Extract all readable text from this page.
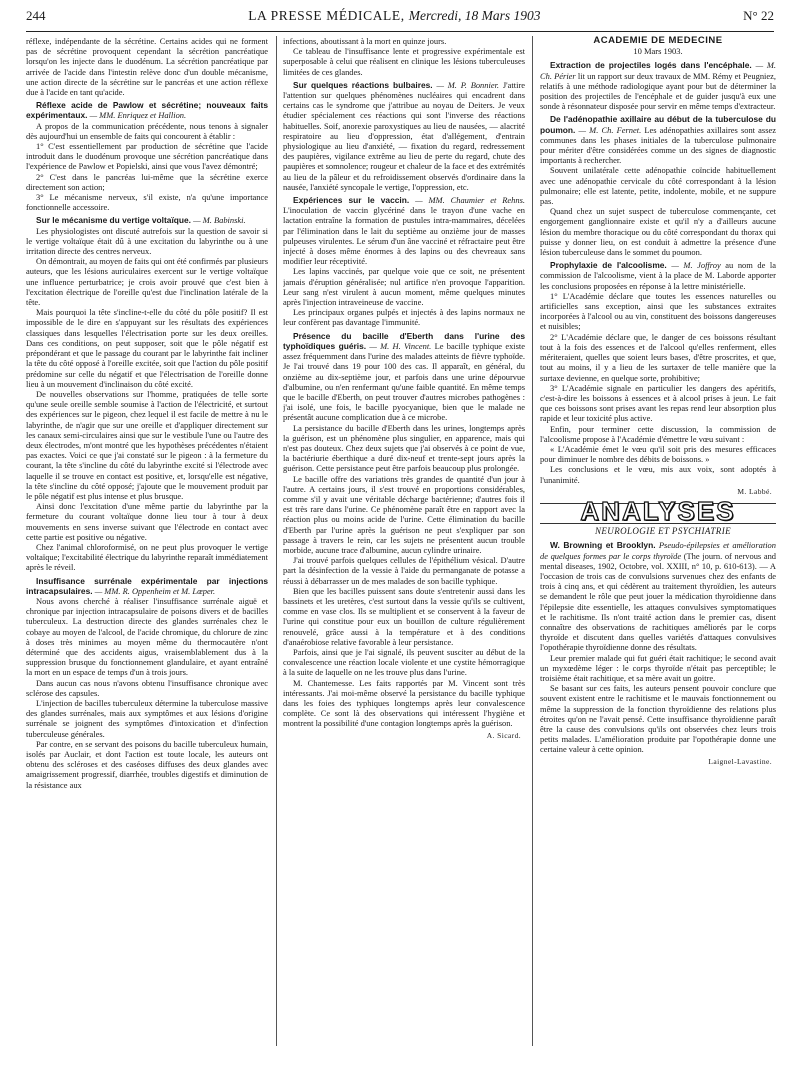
244	LA PRESSE MÉDICALE, Mercredi, 18 Mars 1903	N° 22

réflexe, indépendante de la sécrétine. Certains acides qui ne forment pas de sécrétine provoquent cependant la sécrétion pancréatique lorsqu'on les injecte dans le duodénum. La sécrétion pancréatique par arrivée de l'acide dans l'intestin relève donc d'un double mécanisme, une action directe de la sécrétine sur le pancréas et une action réflexe due à l'acide en tant qu'acide.

Réflexe acide de Pawlow et sécrétine; nouveaux faits expérimentaux. — MM. Enriquez et Hallion.

A propos de la communication précédente, nous tenons à signaler dès aujourd'hui un ensemble de faits qui concourent à établir :

1° C'est essentiellement par production de sécrétine que l'acide introduit dans le duodénum provoque une sécrétion pancréatique dans l'expérience de Pawlow et Popielski, ainsi que vous l'avez démontré;

2° C'est dans le pancréas lui-même que la sécrétine exerce directement son action;

3° Le mécanisme nerveux, s'il existe, n'a qu'une importance fonctionnelle accessoire.

Sur le mécanisme du vertige voltaïque. — M. Babinski.

Les physiologistes ont discuté autrefois sur la question de savoir si le vertige voltaïque était dû à une excitation du labyrinthe ou à une irritation directe des centres nerveux.

On démontrait, au moyen de faits qui ont été confirmés par plusieurs auteurs, que les lésions auriculaires exercent sur le vertige voltaïque une influence perturbatrice; je crois avoir prouvé que c'est bien à l'excitation électrique de l'oreille qu'est due l'inclination latérale de la tête.

Mais pourquoi la tête s'incline-t-elle du côté du pôle positif? Il est impossible de le dire en s'appuyant sur les résultats des expériences classiques dans lesquelles l'électrisation porte sur les deux oreilles. Dans ces conditions, on peut supposer, soit que le pôle négatif est prépondérant et que le passage du courant par le labyrinthe fait incliner la tête du côté opposé à l'oreille excitée, soit que l'action du pôle positif prédomine sur celle du négatif et que l'électrisation de l'oreille donne lieu à un mouvement d'inclinaison du côté excité.

De nouvelles observations sur l'homme, pratiquées de telle sorte qu'une seule oreille semble soumise à l'action de l'électricité, et surtout des expériences sur le pigeon, chez lequel il est facile de mettre à nu le labyrinthe, de n'agir que sur une oreille et d'appliquer directement sur les canaux semi-circulaires ainsi que sur le vestibule l'une ou l'autre des deux électrodes, m'ont montré que les hypothèses précédentes n'étaient pas exactes. Voici ce que j'ai constaté sur le pigeon : à la fermeture du courant, la tête s'incline du côté du labyrinthe excité si l'électrode avec laquelle il se trouve en contact est positive, et, lorsqu'elle est négative, la tête s'incline du côté opposé; j'ajoute que le mouvement produit par le pôle négatif est plus intense et plus brusque.

Ainsi donc l'excitation d'une même partie du labyrinthe par la fermeture du courant voltaïque donne lieu tour à tour à deux mouvements en sens inverse suivant que l'électrode en contact avec cette partie est positive ou négative.

Chez l'animal chloroformisé, on ne peut plus provoquer le vertige voltaïque; l'excitabilité électrique du labyrinthe reparaît immédiatement après le réveil.

Insuffisance surrénale expérimentale par injections intracapsulaires. — MM. R. Oppenheim et M. Lœper.

Nous avons cherché à réaliser l'insuffisance surrénale aiguë et chronique par injection intracapsulaire de poisons divers et de bacilles tuberculeux. La destruction directe des glandes surrénales chez le cobaye au moyen de l'alcool, de l'acide chromique, du chlorure de zinc à doses très minimes au moyen même du thermocautère n'ont déterminé que des accidents aigus, vraisemblablement dus à la suppression brusque du fonctionnement glandulaire, et ayant entraîné la mort en un espace de temps d'un à trois jours.

Dans aucun cas nous n'avons obtenu l'insuffisance chronique avec sclérose des capsules.

L'injection de bacilles tuberculeux détermine la tuberculose massive des glandes surrénales, mais aux symptômes et aux lésions d'origine surrénale se joignent des symptômes d'intoxication et d'infection tuberculeuse générales.

Par contre, en se servant des poisons du bacille tuberculeux humain, isolés par Auclair, et dont l'action est toute locale, les auteurs ont obtenu des scléroses et des caséoses diffuses des deux glandes avec amaigrissement progressif, diarrhée, troubles digestifs et diminution de la résistance aux

infections, aboutissant à la mort en quinze jours.

Ce tableau de l'insuffisance lente et progressive expérimentale est superposable à celui que réalisent en clinique les lésions tuberculeuses limitées de ces glandes.

Sur quelques réactions bulbaires. — M. P. Bonnier. J'attire l'attention sur quelques phénomènes nucléaires qui encadrent dans certains cas le syndrome que j'attribue au noyau de Deiters. Je veux étudier spécialement ces réactions qui sont l'inverse des réactions habituelles. Soif, anorexie paroxystiques au lieu de nausées, — alacrité respiratoire au lieu d'oppression, état d'allégement, d'entrain physiologique au lieu d'anxiété, — fixation du regard, redressement des paupières, vigilance extrême au lieu de perte du regard, chute des paupières et somnolence; rougeur et chaleur de la face et des extrémités au lieu de la pâleur et du refroidissement observés d'ordinaire dans la nausée, l'anxiété syncopale le vertige, l'oppression, etc.

Expériences sur le vaccin. — MM. Chaumier et Rehns. L'inoculation de vaccin glycériné dans le trayon d'une vache en lactation entraîne la formation de pustules intra-mammaires, décelées par l'élimination dans le lait du septième au onzième jour de masses pulpeuses virulentes. Le sérum d'un âne vacciné et réfractaire peut être injecté à doses même énormes à des lapins ou des chevreaux sans modifier leur réceptivité.

Les lapins vaccinés, par quelque voie que ce soit, ne présentent jamais d'éruption généralisée; nul artifice n'en provoque l'apparition. Leur sang n'est virulent à aucun moment, même quelques minutes après l'injection intraveineuse de vaccine.

Les principaux organes pulpés et injectés à des lapins normaux ne leur confèrent pas davantage l'immunité.

Présence du bacille d'Eberth dans l'urine des typhoïdiques guéris. — M. H. Vincent. Le bacille typhique existe assez fréquemment dans l'urine des malades atteints de fièvre typhoïde. Je l'ai trouvé dans 19 pour 100 des cas. Il apparaît, en général, du onzième au dix-septième jour, et parfois dans une urine dépourvue d'albumine, ou n'en renfermant qu'une faible quantité. En même temps que le bacille d'Eberth, on peut trouver d'autres microbes pathogènes : j'ai isolé, une fois, le bacille pyocyanique, bien que le malade ne présentât aucune complication due à ce microbe.

La persistance du bacille d'Eberth dans les urines, longtemps après la guérison, est un phénomène plus singulier, en apparence, mais qui n'est pas douteux. Chez deux sujets que j'ai observés à ce point de vue, la bactériurie éberthique a duré dix-neuf et trente-sept jours après la guérison. Cette persistance peut être parfois beaucoup plus prolongée.

Le bacille offre des variations très grandes de quantité d'un jour à l'autre. A certains jours, il s'est trouvé en proportions considérables, comme s'il y avait une véritable décharge bactérienne; d'autres fois il est très rare dans l'urine. Ce phénomène paraît être en rapport avec la réaction plus ou moins acide de l'urine. Cette élimination du bacille d'Eberth par l'urine après la guérison ne peut s'expliquer par son passage à travers le rein, car les sujets ne présentent aucun trouble morbide, aucune trace d'albumine, aucun cylindre urinaire.

J'ai trouvé parfois quelques cellules de l'épithélium vésical. D'autre part la désinfection de la vessie à l'aide du permanganate de potasse a réussi à débarrasser un de mes malades de son bacille typhique.

Bien que les bacilles puissent sans doute s'entretenir aussi dans les bassinets et les uretères, c'est surtout dans la vessie qu'ils se cultivent, comme en vase clos. Ils se multiplient et se conservent à la faveur de l'urine qui constitue pour eux un bouillon de culture régulièrement renouvelé, grâce aussi à la température et à des conditions d'anaérobiose relative favorable à leur persistance.

Parfois, ainsi que je l'ai signalé, ils peuvent susciter au début de la convalescence une réaction locale violente et une cystite hémorragique à la suite de laquelle on ne les trouve plus dans l'urine.

M. Chantemesse. Les faits rapportés par M. Vincent sont très intéressants. J'ai moi-même observé la persistance du bacille typhique dans les foies des typhiques longtemps après leur convalescence complète. Ce sont là des observations qui intéressent l'hygiène et montrent la possibilité d'une contagion longtemps après la guérison.

A. Sicard.

ACADÉMIE DE MÉDECINE

10 Mars 1903.

Extraction de projectiles logés dans l'encéphale. — M. Ch. Périer lit un rapport sur deux travaux de MM. Rémy et Peugniez, relatifs à une méthode radiologique ayant pour but de déterminer la position des projectiles de l'encéphale et de guider jusqu'à eux une sonde à résonnateur disposée pour servir en même temps d'extracteur.

De l'adénopathie axillaire au début de la tuberculose du poumon. — M. Ch. Fernet. Les adénopathies axillaires sont assez communes dans les phases initiales de la tuberculose pulmonaire pour mériter d'être considérées comme un des signes de diagnostic importants à rechercher.

Souvent unilatérale cette adénopathie coïncide habituellement avec une adénopathie cervicale du côté correspondant à la lésion pulmonaire; elle est latente, petite, indolente, mobile, et ne suppure pas.

Quand chez un sujet suspect de tuberculose commençante, cet engorgement ganglionnaire existe et qu'il n'y a d'ailleurs aucune lésion du membre thoracique ou du côté correspondant du thorax qui puisse y donner lieu, on est conduit à admettre la présence d'une lésion tuberculeuse dans le sommet du poumon.

Prophylaxie de l'alcoolisme. — M. Joffroy au nom de la commission de l'alcoolisme, vient à la place de M. Laborde apporter les conclusions proposées en réponse à la lettre ministérielle.

1° L'Académie déclare que toutes les essences naturelles ou artificielles sans exception, ainsi que les substances extraites incorporées à l'alcool ou au vin, constituent des boissons dangereuses et nuisibles;

2° L'Académie déclare que, le danger de ces boissons résultant tout à la fois des essences et de l'alcool qu'elles renferment, elles mériteraient, quelles que soient leurs bases, d'être proscrites, et que, tout au moins, il y a lieu de les surtaxer de telle manière que la surtaxe devienne, en quelque sorte, prohibitive;

3° L'Académie signale en particulier les dangers des apéritifs, c'est-à-dire les boissons à essences et à alcool prises à jeun. Le fait que ces boissons sont prises avant les repas rend leur absorption plus rapide et leur toxicité plus active.

Enfin, pour terminer cette discussion, la commission de l'alcoolisme propose à l'Académie d'émettre le vœu suivant :

« L'Académie émet le vœu qu'il soit pris des mesures efficaces pour diminuer le nombre des débits de boissons. »

Les conclusions et le vœu, mis aux voix, sont adoptés à l'unanimité.

M. Labbé.

ANALYSES

NEUROLOGIE ET PSYCHIATRIE

W. Browning et Brooklyn. Pseudo-épilepsies et amélioration de quelques formes par le corps thyroïde (The journ. of nervous and mental diseases, 1902, Octobre, vol. XXIII, n° 10, p. 610-613). — A l'occasion de trois cas de convulsions survenues chez des enfants de trois à cinq ans, et qui cédèrent au traitement thyroïdien, les auteurs se demandent le rôle que peut jouer la médication thyroïdienne dans l'épilepsie dite essentielle, les attaques convulsives symptomatiques et le rachitisme. Ils n'ont traité action dans le premier cas, disent connaître des observations de rachitiques améliorés par le corps thyroïde et discutent dans quelles variétés d'attaques convulsives l'opothérapie thyroïdienne donne des résultats.

Leur premier malade qui fut guéri était rachitique; le second avait un myxœdème léger : le corps thyroïde n'était pas perceptible; le troisième était rachitique, et sa mère avait un goitre.

Se basant sur ces faits, les auteurs pensent pouvoir conclure que souvent existent entre le rachitisme et le mauvais fonctionnement ou même la suppression de la fonction thyroïdienne des relations plus étroites qu'on ne l'avait pensé. Cette insuffisance thyroïdienne paraît être la cause des convulsions qu'ils ont observées chez leurs trois petits malades. L'amélioration produite par l'opothérapie donne une certaine valeur à cette opinion.

Laignel-Lavastine.
